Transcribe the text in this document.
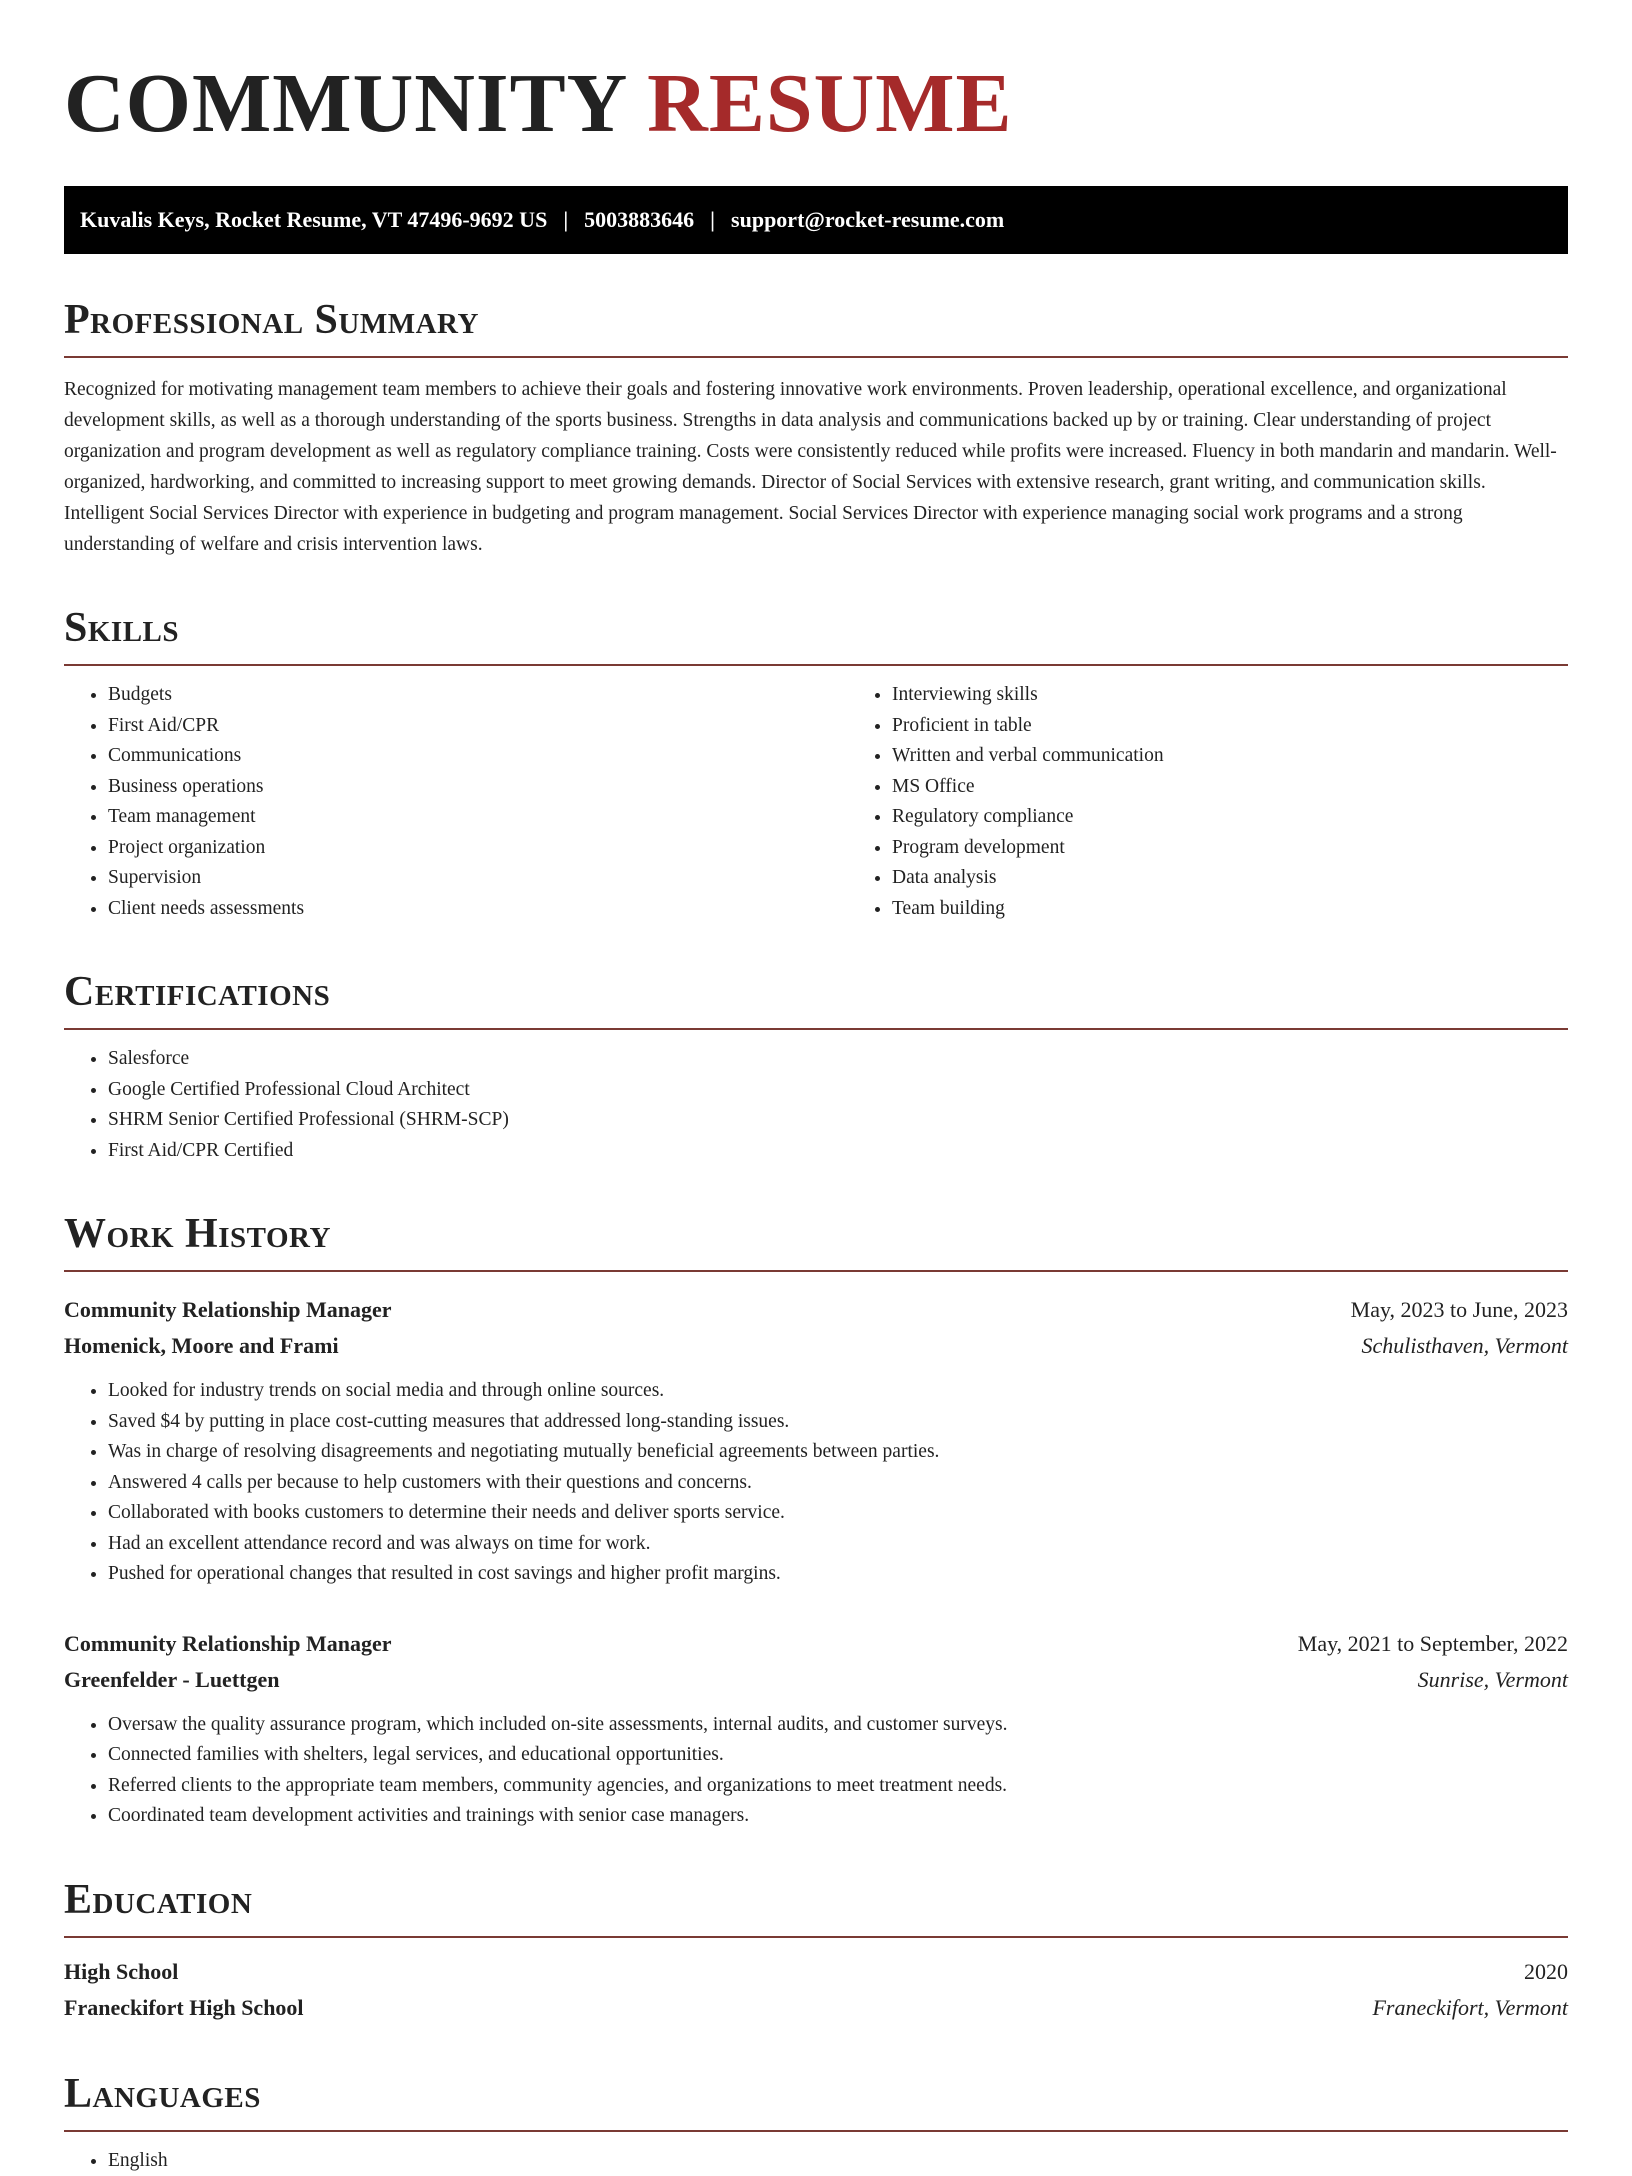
COMMUNITY RESUME
Kuvalis Keys, Rocket Resume, VT 47496-9692 US | 5003883646 | support@rocket-resume.com
Professional Summary

Recognized for motivating management team members to achieve their goals and fostering innovative work environments. Proven leadership, operational excellence, and organizational development skills, as well as a thorough understanding of the sports business. Strengths in data analysis and communications backed up by or training. Clear understanding of project organization and program development as well as regulatory compliance training. Costs were consistently reduced while profits were increased. Fluency in both mandarin and mandarin. Well-organized, hardworking, and committed to increasing support to meet growing demands. Director of Social Services with extensive research, grant writing, and communication skills. Intelligent Social Services Director with experience in budgeting and program management. Social Services Director with experience managing social work programs and a strong understanding of welfare and crisis intervention laws.

Skills
• Budgets
• First Aid/CPR
• Communications
• Business operations
• Team management
• Project organization
• Supervision
• Client needs assessments
• Interviewing skills
• Proficient in table
• Written and verbal communication
• MS Office
• Regulatory compliance
• Program development
• Data analysis
• Team building
Certifications
• Salesforce
• Google Certified Professional Cloud Architect
• SHRM Senior Certified Professional (SHRM-SCP)
• First Aid/CPR Certified
Work History
Community Relationship Manager	May, 2023 to June, 2023
Homenick, Moore and Frami	Schulisthaven, Vermont
• Looked for industry trends on social media and through online sources.
• Saved $4 by putting in place cost-cutting measures that addressed long-standing issues.
• Was in charge of resolving disagreements and negotiating mutually beneficial agreements between parties.
• Answered 4 calls per because to help customers with their questions and concerns.
• Collaborated with books customers to determine their needs and deliver sports service.
• Had an excellent attendance record and was always on time for work.
• Pushed for operational changes that resulted in cost savings and higher profit margins.
Community Relationship Manager	May, 2021 to September, 2022
Greenfelder - Luettgen	Sunrise, Vermont
• Oversaw the quality assurance program, which included on-site assessments, internal audits, and customer surveys.
• Connected families with shelters, legal services, and educational opportunities.
• Referred clients to the appropriate team members, community agencies, and organizations to meet treatment needs.
• Coordinated team development activities and trainings with senior case managers.
Education
High School	2020
Franeckifort High School	Franeckifort, Vermont
Languages
• English
